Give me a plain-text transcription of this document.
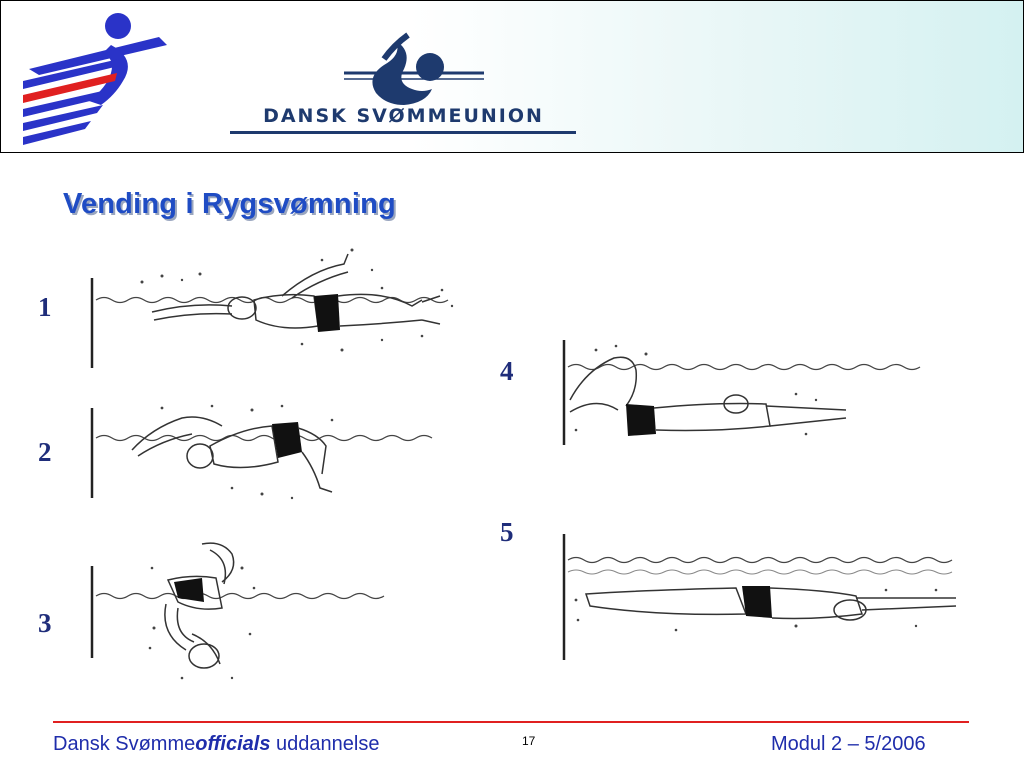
DANSK SVØMMEUNION
Vending i Rygsvømning
1
2
3
4
5
Dansk Svømmeofficials uddannelse	17	Modul 2 – 5/2006
